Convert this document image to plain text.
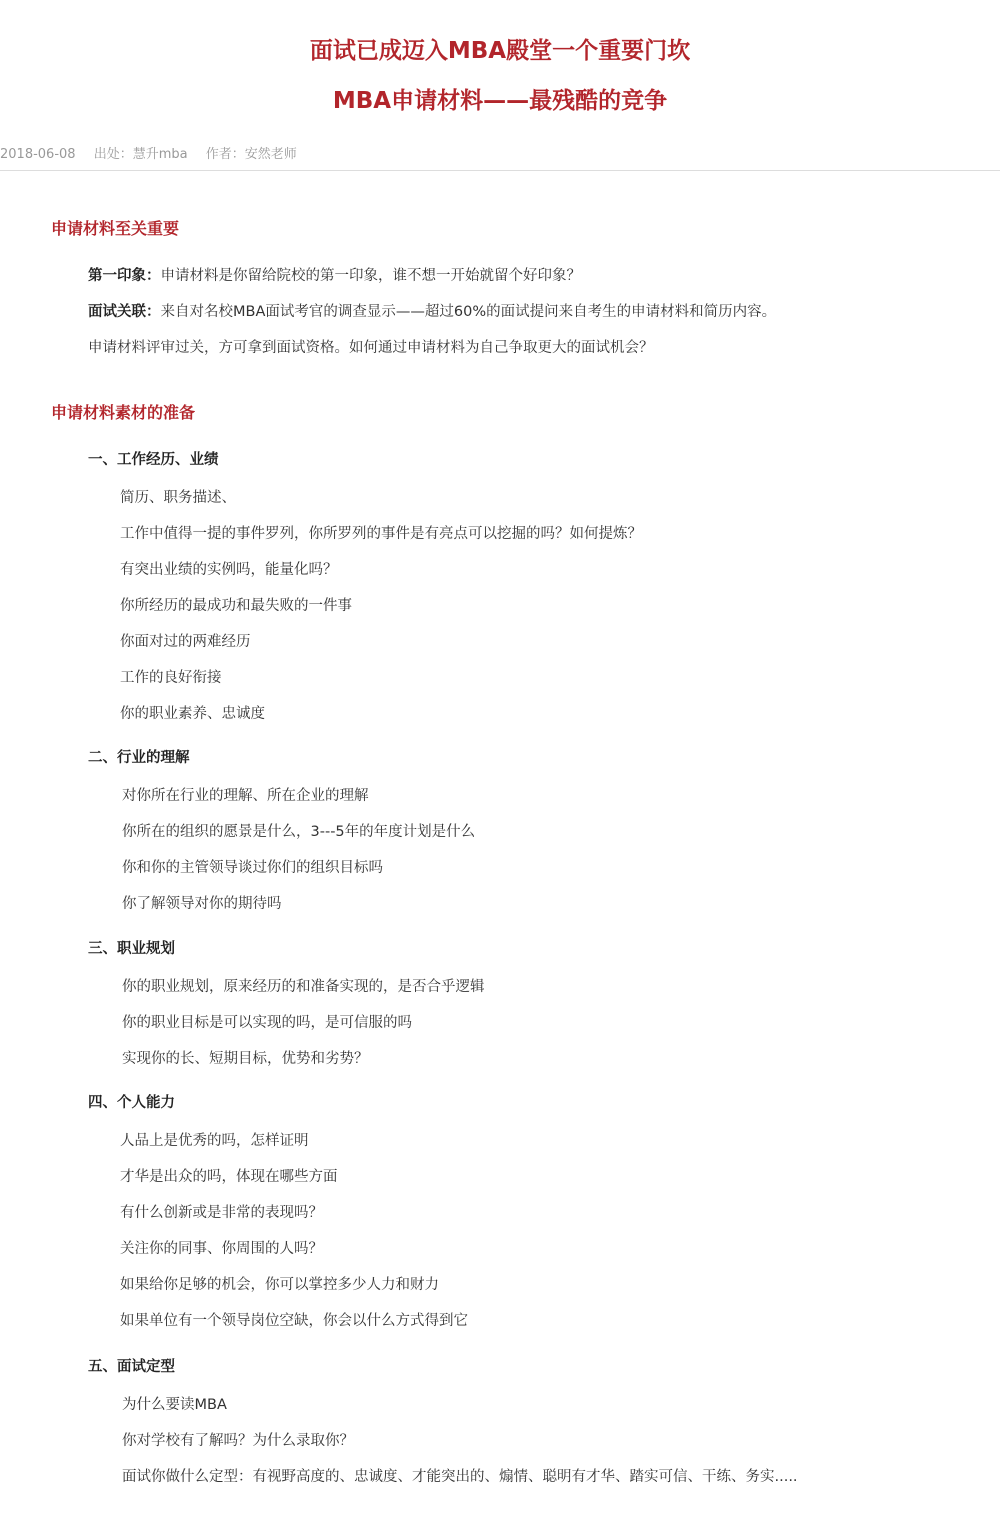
面试已成迈入MBA殿堂一个重要门坎

MBA申请材料——最残酷的竞争

2018-06-08 出处：慧升mba 作者：安然老师
申请材料至关重要
第一印象：申请材料是你留给院校的第一印象，谁不想一开始就留个好印象？
面试关联：来自对名校MBA面试考官的调查显示——超过60%的面试提问来自考生的申请材料和简历内容。
申请材料评审过关，方可拿到面试资格。如何通过申请材料为自己争取更大的面试机会？
申请材料素材的准备
一、工作经历、业绩
简历、职务描述、
工作中值得一提的事件罗列，你所罗列的事件是有亮点可以挖掘的吗？如何提炼？
有突出业绩的实例吗，能量化吗？
你所经历的最成功和最失败的一件事
你面对过的两难经历
工作的良好衔接
你的职业素养、忠诚度
二、行业的理解
对你所在行业的理解、所在企业的理解
你所在的组织的愿景是什么，3---5年的年度计划是什么
你和你的主管领导谈过你们的组织目标吗
你了解领导对你的期待吗
三、职业规划
你的职业规划，原来经历的和准备实现的，是否合乎逻辑
你的职业目标是可以实现的吗，是可信服的吗
实现你的长、短期目标，优势和劣势？
四、个人能力
人品上是优秀的吗，怎样证明
才华是出众的吗，体现在哪些方面
有什么创新或是非常的表现吗？
关注你的同事、你周围的人吗？
如果给你足够的机会，你可以掌控多少人力和财力
如果单位有一个领导岗位空缺，你会以什么方式得到它
五、面试定型
为什么要读MBA
你对学校有了解吗？为什么录取你？
面试你做什么定型：有视野高度的、忠诚度、才能突出的、煽情、聪明有才华、踏实可信、干练、务实.....
